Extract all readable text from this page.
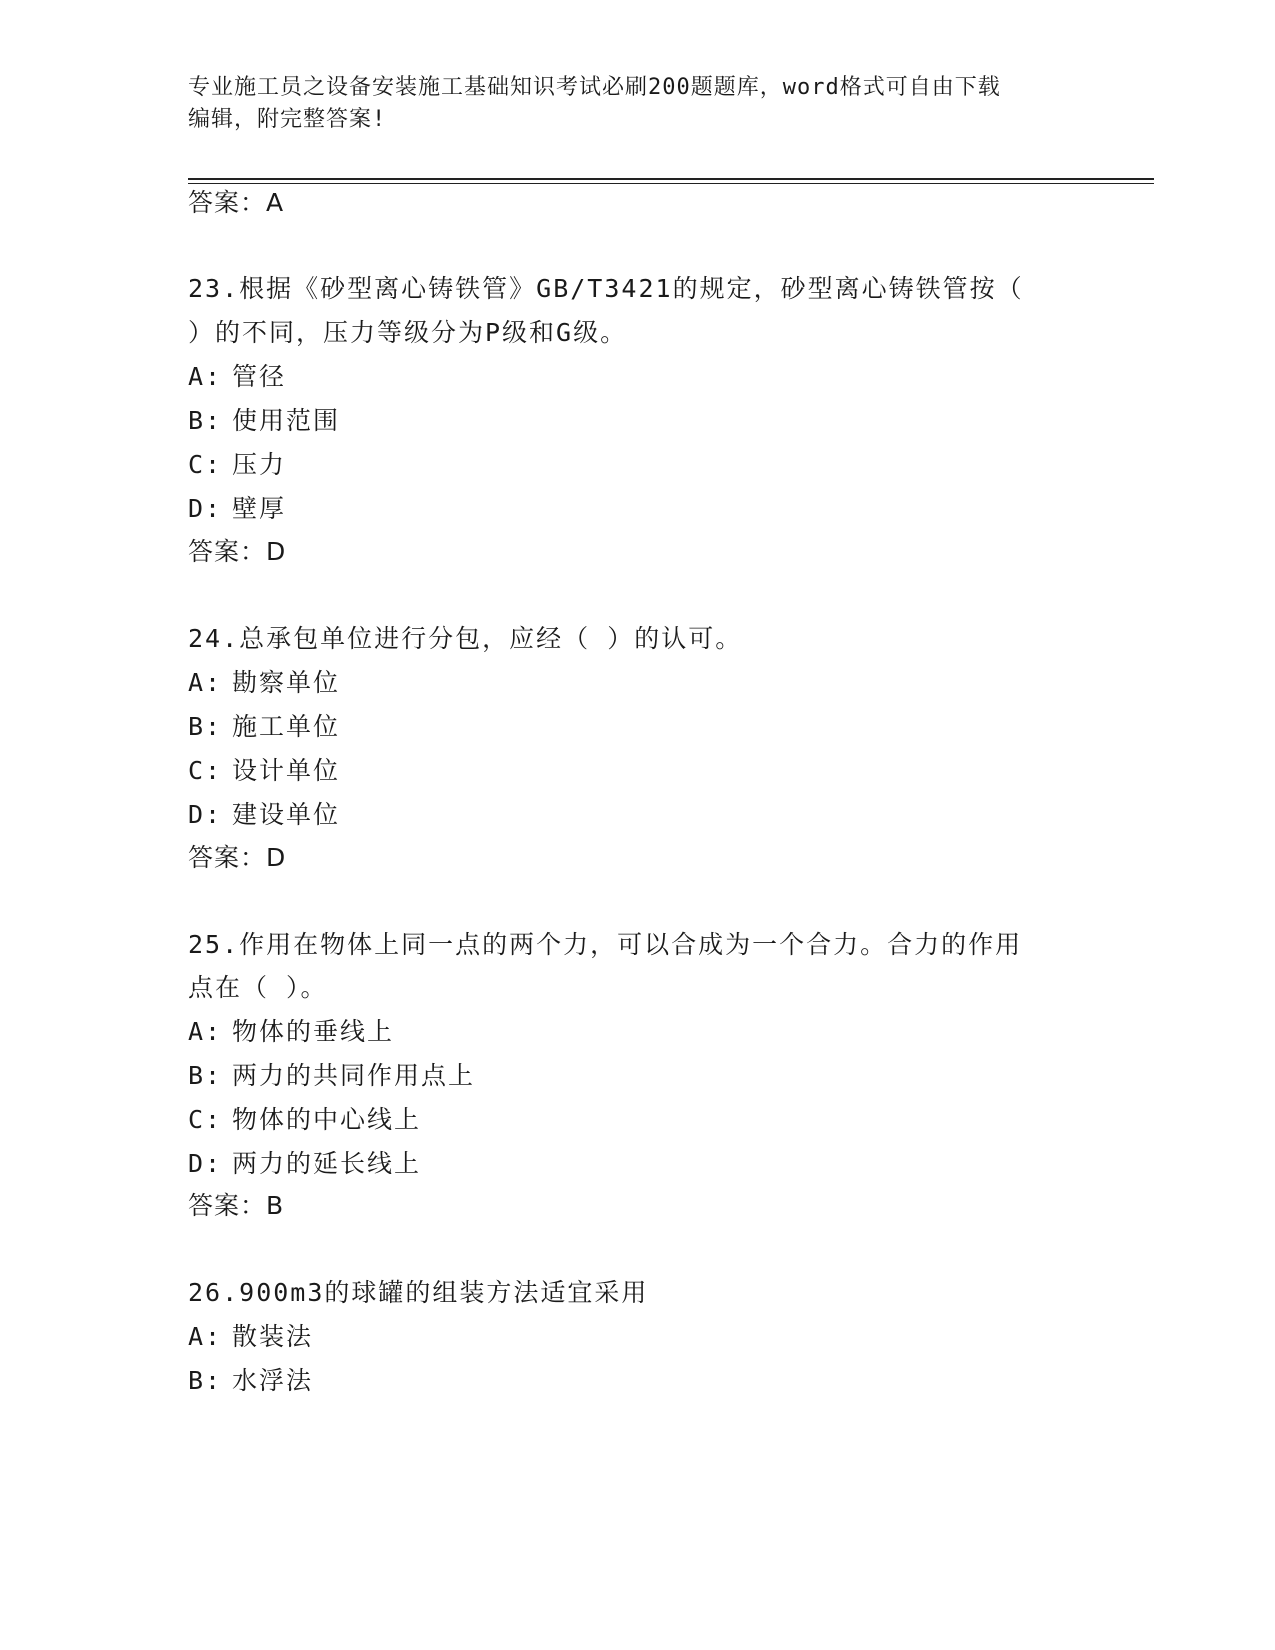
专业施工员之设备安装施工基础知识考试必刷200题题库，word格式可自由下载
编辑，附完整答案!
答案：A
23.根据《砂型离心铸铁管》GB/T3421的规定，砂型离心铸铁管按（
）的不同，压力等级分为P级和G级。
A: 管径
B: 使用范围
C: 压力
D: 壁厚
答案：D
24.总承包单位进行分包，应经（ ）的认可。
A: 勘察单位
B: 施工单位
C: 设计单位
D: 建设单位
答案：D
25.作用在物体上同一点的两个力，可以合成为一个合力。合力的作用
点在（ ）。
A: 物体的垂线上
B: 两力的共同作用点上
C: 物体的中心线上
D: 两力的延长线上
答案：B
26.900m3的球罐的组装方法适宜采用
A: 散装法
B: 水浮法
